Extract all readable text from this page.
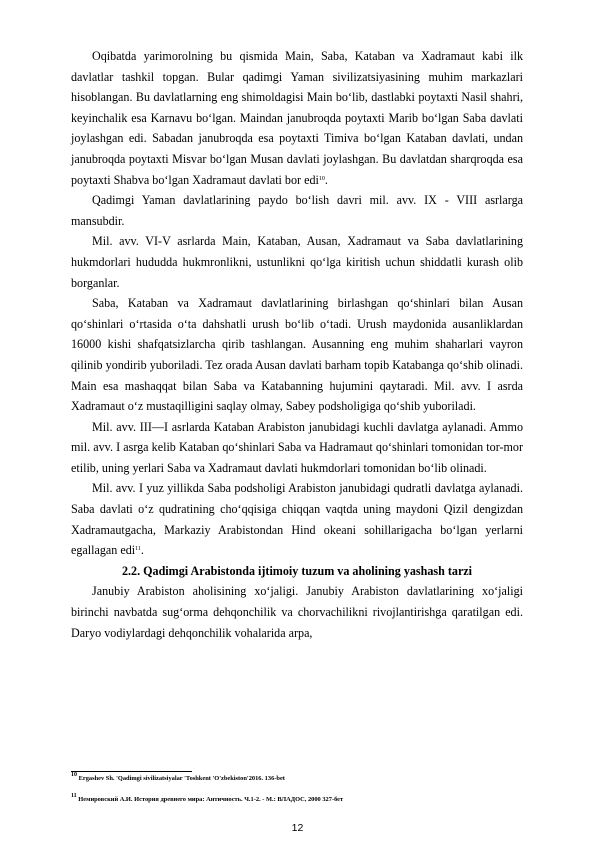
Oqibatda yarimorolning bu qismida Main, Saba, Kataban va Xadramaut kabi ilk davlatlar tashkil topgan. Bular qadimgi Yaman sivilizatsiyasining muhim markazlari hisoblangan. Bu davlatlarning eng shimoldagisi Main bo‘lib, dastlabki poytaxti Nasil shahri, keyinchalik esa Karnavu bo‘lgan. Maindan janubroqda poytaxti Marib bo‘lgan Saba davlati joylashgan edi. Sabadan janubroqda esa poytaxti Timiva bo‘lgan Kataban davlati, undan janubroqda poytaxti Misvar bo‘lgan Musan davlati joylashgan. Bu davlatdan sharqroqda esa poytaxti Shabva bo‘lgan Xadramaut davlati bor edi$^{10}$.

Qadimgi Yaman davlatlarining paydo bo‘lish davri mil. avv. IX - VIII asrlarga mansubdir.

Mil. avv. VI-V asrlarda Main, Kataban, Ausan, Xadramaut va Saba davlatlarining hukmdorlari hududda hukmronlikni, ustunlikni qo‘lga kiritish uchun shiddatli kurash olib borganlar.

Saba, Kataban va Xadramaut davlatlarining birlashgan qo‘shinlari bilan Ausan qo‘shinlari o‘rtasida o‘ta dahshatli urush bo‘lib o‘tadi. Urush maydonida ausanliklardan 16000 kishi shafqatsizlarcha qirib tashlangan. Ausanning eng muhim shaharlari vayron qilinib yondirib yuboriladi. Tez orada Ausan davlati barham topib Katabanga qo‘shib olinadi. Main esa mashaqqat bilan Saba va Katabanning hujumini qaytaradi. Mil. avv. I asrda Xadramaut o‘z mustaqilligini saqlay olmay, Sabey podsholigiga qo‘shib yuboriladi.

Mil. avv. III—I asrlarda Kataban Arabiston janubidagi kuchli davlatga aylanadi. Ammo mil. avv. I asrga kelib Kataban qo‘shinlari Saba va Hadramaut qo‘shinlari tomonidan tor-mor etilib, uning yerlari Saba va Xadramaut davlati hukmdorlari tomonidan bo‘lib olinadi.

Mil. avv. I yuz yillikda Saba podsholigi Arabiston janubidagi qudratli davlatga aylanadi. Saba davlati o‘z qudratining cho‘qqisiga chiqqan vaqtda uning maydoni Qizil dengizdan Xadramautgacha, Markaziy Arabistondan Hind okeani sohillarigacha bo‘lgan yerlarni egallagan edi$^{11}$.

2.2. Qadimgi Arabistonda ijtimoiy tuzum va aholining yashash tarzi

Janubiy Arabiston aholisining xo‘jaligi. Janubiy Arabiston davlatlarining xo‘jaligi birinchi navbatda sug‘orma dehqonchilik va chorvachilikni rivojlantirishga qaratilgan edi. Daryo vodiylardagi dehqonchilik vohalarida arpa,

$^{10}$ Ergashev Sh. 'Qadimgi sivilizatsiyalar 'Toshkent 'O'zbekiston'2016. 136-bet
$^{11}$ Немировский А.И. История древнего мира: Античность. Ч.1-2. - М.: ВЛАДОС, 2000 327-бет
12
